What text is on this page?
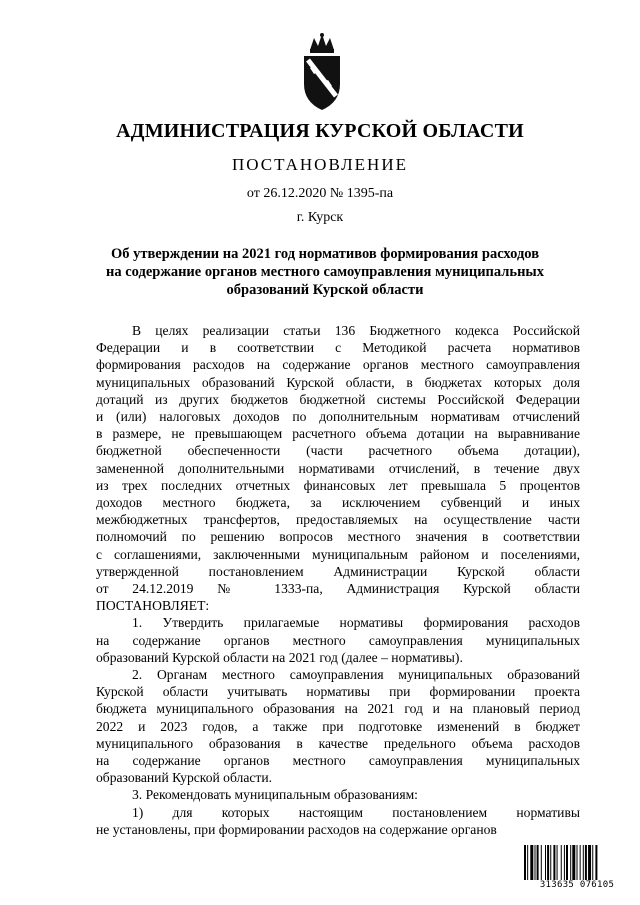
АДМИНИСТРАЦИЯ КУРСКОЙ ОБЛАСТИ
ПОСТАНОВЛЕНИЕ
от 26.12.2020 № 1395-па
г. Курск
Об утверждении на 2021 год нормативов формирования расходов
на содержание органов местного самоуправления муниципальных
образований Курской области
В целях реализации статьи 136 Бюджетного кодекса Российской
Федерации и в соответствии с Методикой расчета нормативов
формирования расходов на содержание органов местного самоуправления
муниципальных образований Курской области, в бюджетах которых доля
дотаций из других бюджетов бюджетной системы Российской Федерации
и (или) налоговых доходов по дополнительным нормативам отчислений
в размере, не превышающем расчетного объема дотации на выравнивание
бюджетной обеспеченности (части расчетного объема дотации),
замененной дополнительными нормативами отчислений, в течение двух
из трех последних отчетных финансовых лет превышала 5 процентов
доходов местного бюджета, за исключением субвенций и иных
межбюджетных трансфертов, предоставляемых на осуществление части
полномочий по решению вопросов местного значения в соответствии
с соглашениями, заключенными муниципальным районом и поселениями,
утвержденной постановлением Администрации Курской области
от 24.12.2019 № 1333-па, Администрация Курской области
ПОСТАНОВЛЯЕТ:
1. Утвердить прилагаемые нормативы формирования расходов
на содержание органов местного самоуправления муниципальных
образований Курской области на 2021 год (далее – нормативы).
2. Органам местного самоуправления муниципальных образований
Курской области учитывать нормативы при формировании проекта
бюджета муниципального образования на 2021 год и на плановый период
2022 и 2023 годов, а также при подготовке изменений в бюджет
муниципального образования в качестве предельного объема расходов
на содержание органов местного самоуправления муниципальных
образований Курской области.
3. Рекомендовать муниципальным образованиям:
1) для которых настоящим постановлением нормативы
не установлены, при формировании расходов на содержание органов
313635 076105
